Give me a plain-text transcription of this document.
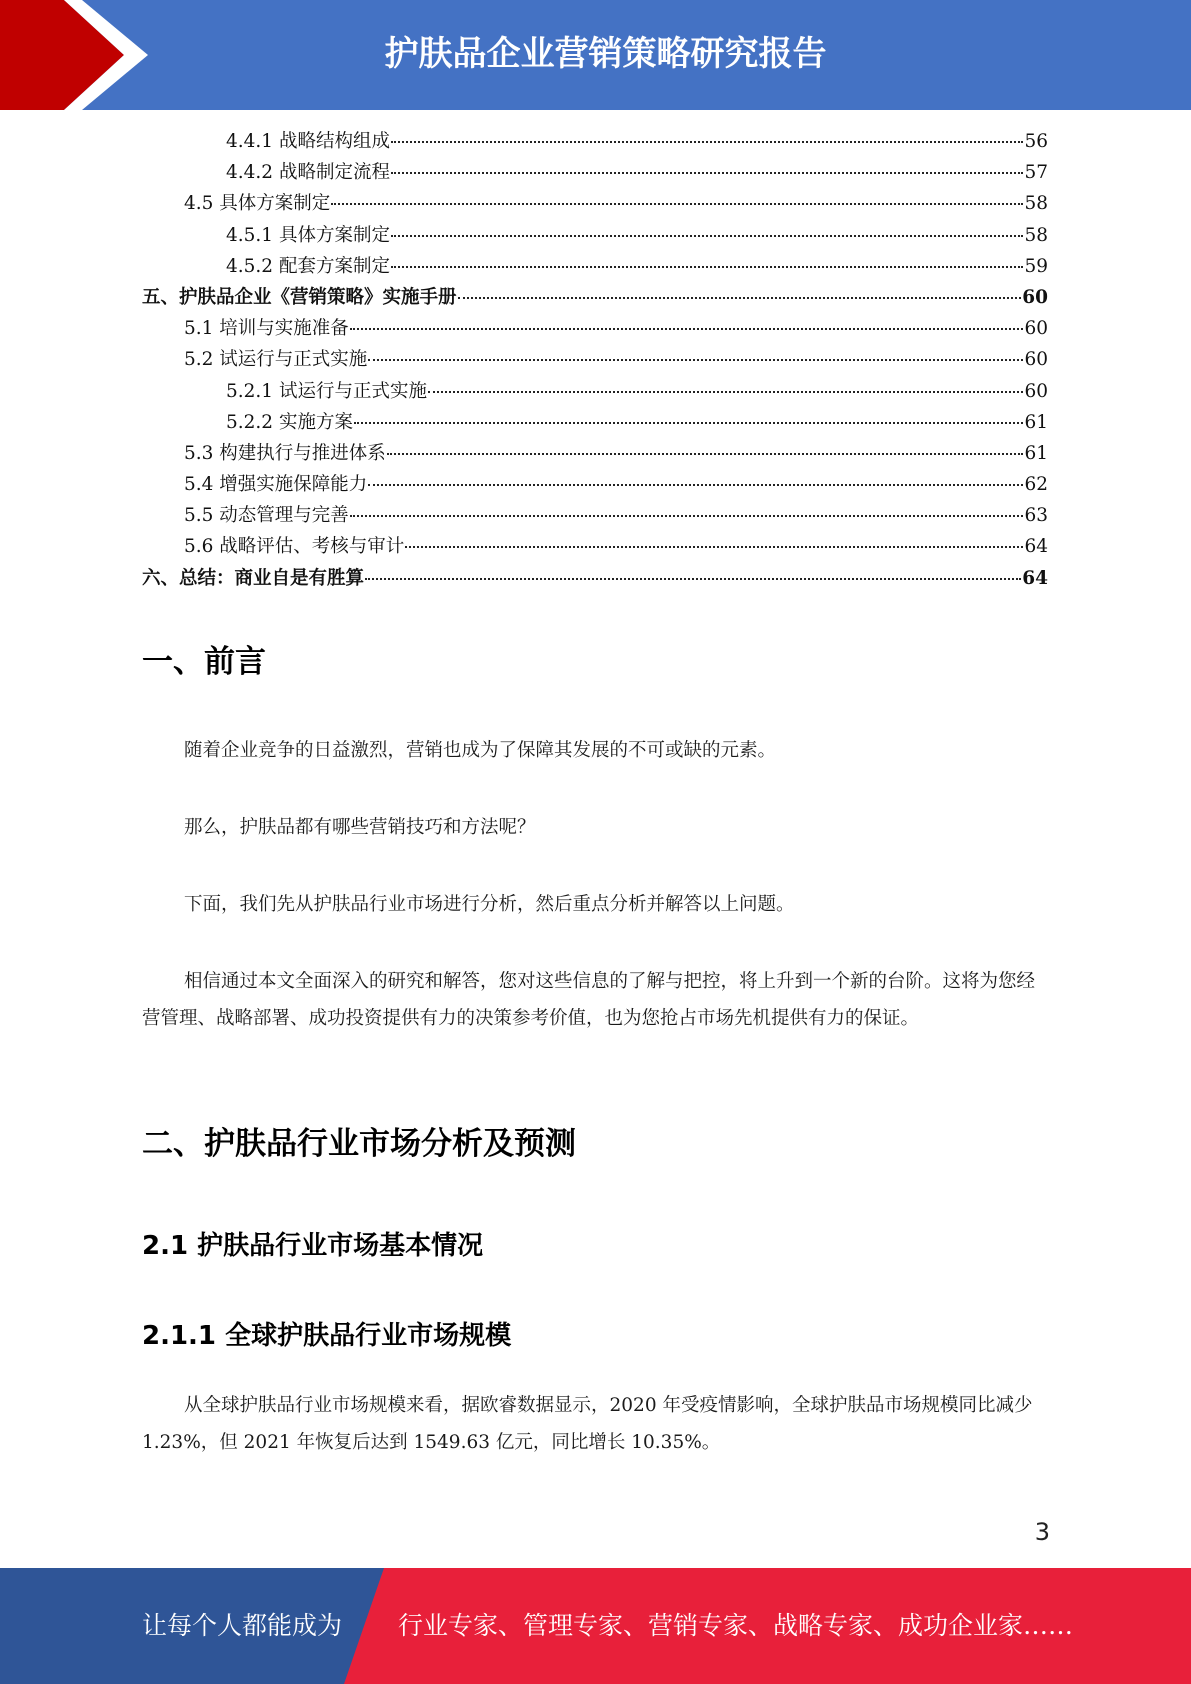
护肤品企业营销策略研究报告
4.4.1 战略结构组成	56
4.4.2 战略制定流程	57
4.5 具体方案制定	58
4.5.1 具体方案制定	58
4.5.2 配套方案制定	59
五、护肤品企业《营销策略》实施手册	60
5.1 培训与实施准备	60
5.2 试运行与正式实施	60
5.2.1 试运行与正式实施	60
5.2.2 实施方案	61
5.3 构建执行与推进体系	61
5.4 增强实施保障能力	62
5.5 动态管理与完善	63
5.6 战略评估、考核与审计	64
六、总结：商业自是有胜算	64
一、前言

随着企业竞争的日益激烈，营销也成为了保障其发展的不可或缺的元素。

那么，护肤品都有哪些营销技巧和方法呢？

下面，我们先从护肤品行业市场进行分析，然后重点分析并解答以上问题。

相信通过本文全面深入的研究和解答，您对这些信息的了解与把控，将上升到一个新的台阶。这将为您经营管理、战略部署、成功投资提供有力的决策参考价值，也为您抢占市场先机提供有力的保证。

二、护肤品行业市场分析及预测
2.1 护肤品行业市场基本情况
2.1.1 全球护肤品行业市场规模

从全球护肤品行业市场规模来看，据欧睿数据显示，2020 年受疫情影响，全球护肤品市场规模同比减少 1.23%，但 2021 年恢复后达到 1549.63 亿元，同比增长 10.35%。

3
让每个人都能成为 行业专家、管理专家、营销专家、战略专家、成功企业家……
